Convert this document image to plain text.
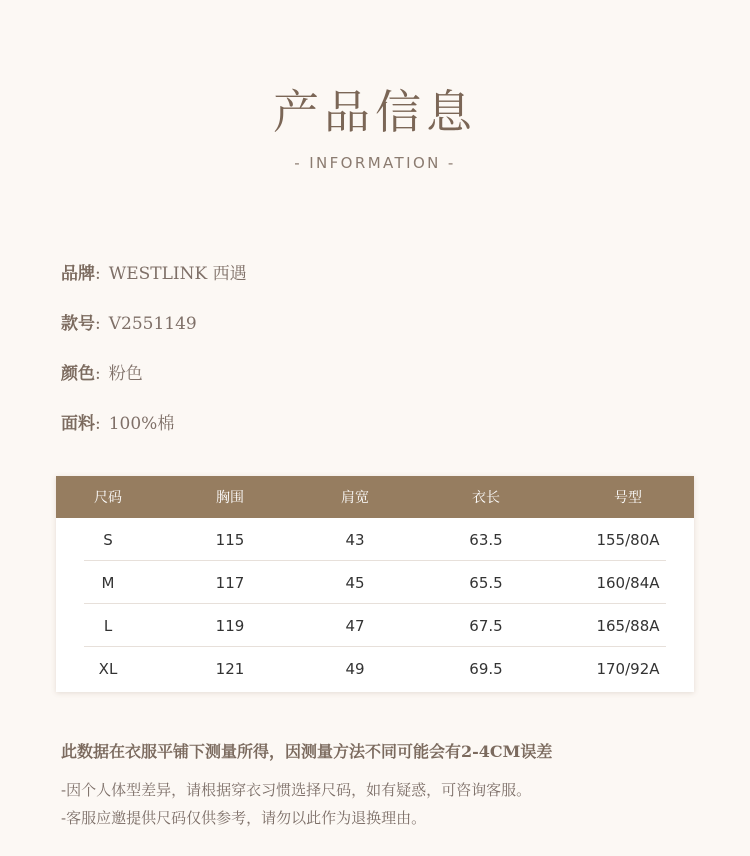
产品信息
- INFORMATION -
品牌: WESTLINK 西遇
款号: V2551149
颜色: 粉色
面料: 100%棉
尺码	胸围	肩宽	衣长	号型
S	115	43	63.5	155/80A
M	117	45	65.5	160/84A
L	119	47	67.5	165/88A
XL	121	49	69.5	170/92A
此数据在衣服平铺下测量所得，因测量方法不同可能会有2-4CM误差
-因个人体型差异，请根据穿衣习惯选择尺码，如有疑惑，可咨询客服。
-客服应邀提供尺码仅供参考，请勿以此作为退换理由。
